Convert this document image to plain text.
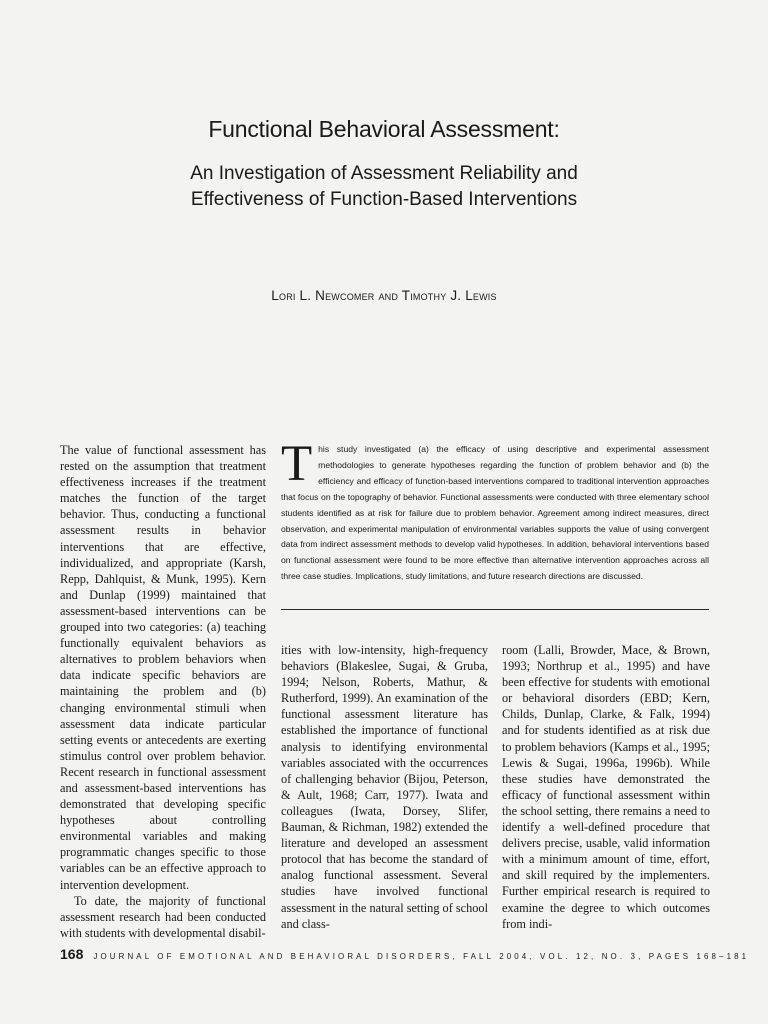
Functional Behavioral Assessment:
An Investigation of Assessment Reliability and
Effectiveness of Function-Based Interventions
Lori L. Newcomer and Timothy J. Lewis

The value of functional assessment has rested on the assumption that treatment effectiveness increases if the treatment matches the function of the target behavior. Thus, conducting a functional assessment results in behavior interventions that are effective, individualized, and appropriate (Karsh, Repp, Dahlquist, & Munk, 1995). Kern and Dunlap (1999) maintained that assessment-based interventions can be grouped into two categories: (a) teaching functionally equivalent behaviors as alternatives to problem behaviors when data indicate specific behaviors are maintaining the problem and (b) changing environmental stimuli when assessment data indicate particular setting events or antecedents are exerting stimulus control over problem behavior. Recent research in functional assessment and assessment-based interventions has demonstrated that developing specific hypotheses about controlling environmental variables and making programmatic changes specific to those variables can be an effective approach to intervention development.

To date, the majority of functional assessment research had been conducted with students with developmental disabil-

This study investigated (a) the efficacy of using descriptive and experimental assessment methodologies to generate hypotheses regarding the function of problem behavior and (b) the efficiency and efficacy of function-based interventions compared to traditional intervention approaches that focus on the topography of behavior. Functional assessments were conducted with three elementary school students identified as at risk for failure due to problem behavior. Agreement among indirect measures, direct observation, and experimental manipulation of environmental variables supports the value of using convergent data from indirect assessment methods to develop valid hypotheses. In addition, behavioral interventions based on functional assessment were found to be more effective than alternative intervention approaches across all three case studies. Implications, study limitations, and future research directions are discussed.

ities with low-intensity, high-frequency behaviors (Blakeslee, Sugai, & Gruba, 1994; Nelson, Roberts, Mathur, & Rutherford, 1999). An examination of the functional assessment literature has established the importance of functional analysis to identifying environmental variables associated with the occurrences of challenging behavior (Bijou, Peterson, & Ault, 1968; Carr, 1977). Iwata and colleagues (Iwata, Dorsey, Slifer, Bauman, & Richman, 1982) extended the literature and developed an assessment protocol that has become the standard of analog functional assessment. Several studies have involved functional assessment in the natural setting of school and class-

room (Lalli, Browder, Mace, & Brown, 1993; Northrup et al., 1995) and have been effective for students with emotional or behavioral disorders (EBD; Kern, Childs, Dunlap, Clarke, & Falk, 1994) and for students identified as at risk due to problem behaviors (Kamps et al., 1995; Lewis & Sugai, 1996a, 1996b). While these studies have demonstrated the efficacy of functional assessment within the school setting, there remains a need to identify a well-defined procedure that delivers precise, usable, valid information with a minimum amount of time, effort, and skill required by the implementers. Further empirical research is required to examine the degree to which outcomes from indi-

168 JOURNAL OF EMOTIONAL AND BEHAVIORAL DISORDERS, FALL 2004, VOL. 12, NO. 3, PAGES 168–181
